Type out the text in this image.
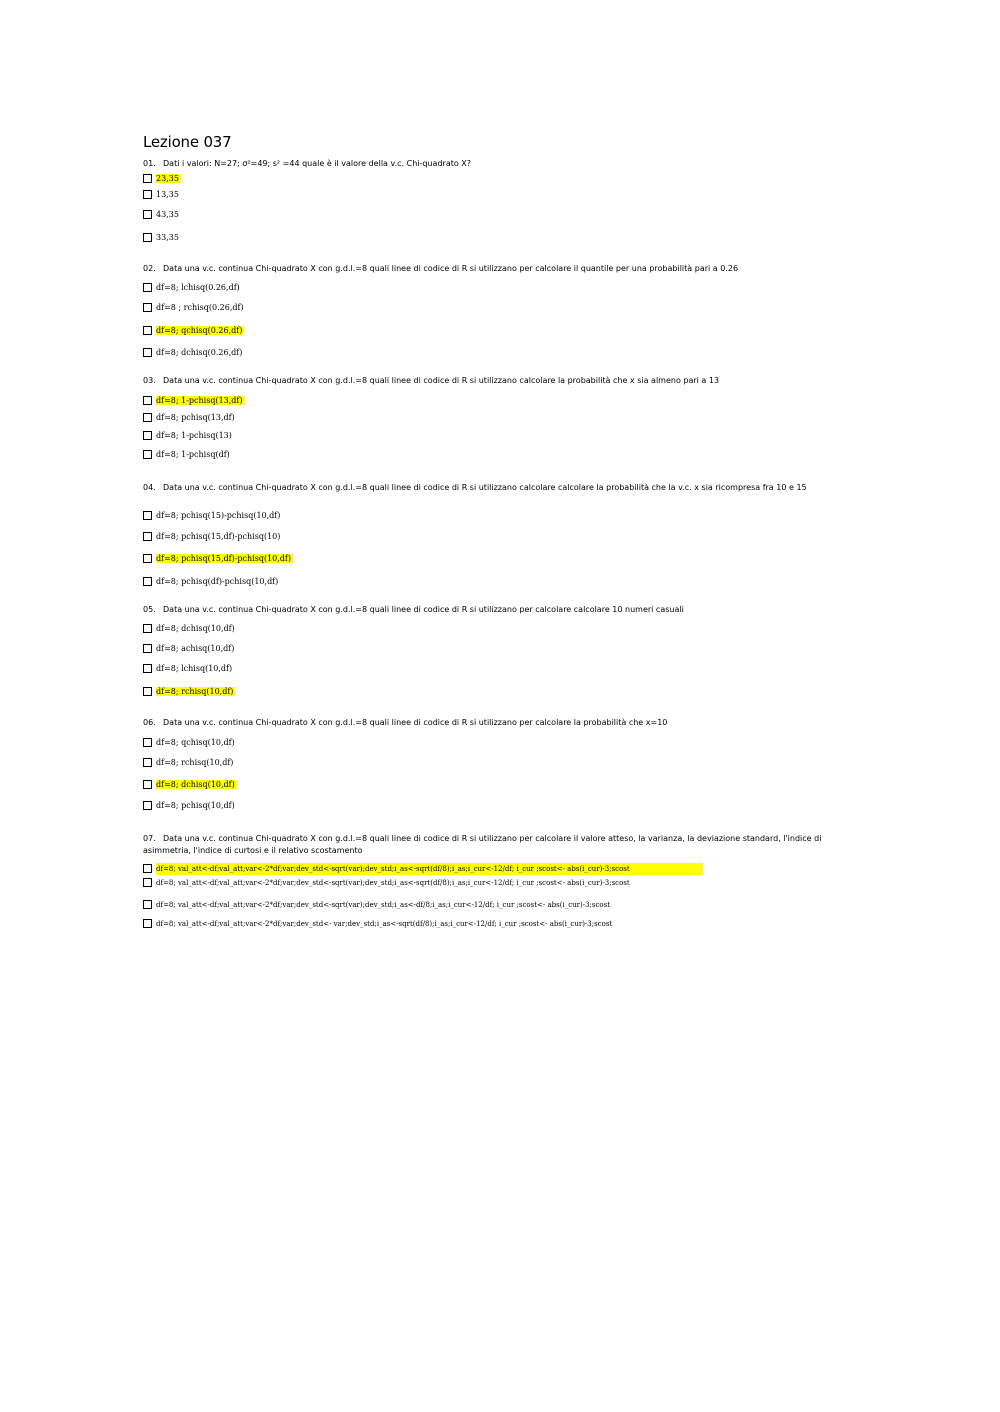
Lezione 037
01. Dati i valori: N=27; σ²=49; s² =44 quale è il valore della v.c. Chi-quadrato X?
23,35
13,35
43,35
33,35
02. Data una v.c. continua Chi-quadrato X con g.d.l.=8 quali linee di codice di R si utilizzano per calcolare il quantile per una probabilità pari a 0.26
df=8; lchisq(0.26,df)
df=8 ; rchisq(0.26,df)
df=8; qchisq(0.26,df)
df=8; dchisq(0.26,df)
03. Data una v.c. continua Chi-quadrato X con g.d.l.=8 quali linee di codice di R si utilizzano calcolare la probabilità che x sia almeno pari a 13
df=8; 1-pchisq(13,df)
df=8; pchisq(13,df)
df=8; 1-pchisq(13)
df=8; 1-pchisq(df)
04. Data una v.c. continua Chi-quadrato X con g.d.l.=8 quali linee di codice di R si utilizzano calcolare calcolare la probabilità che la v.c. x sia ricompresa fra 10 e 15
df=8; pchisq(15)-pchisq(10,df)
df=8; pchisq(15,df)-pchisq(10)
df=8; pchisq(15,df)-pchisq(10,df)
df=8; pchisq(df)-pchisq(10,df)
05. Data una v.c. continua Chi-quadrato X con g.d.l.=8 quali linee di codice di R si utilizzano per calcolare calcolare 10 numeri casuali
df=8; dchisq(10,df)
df=8; achisq(10,df)
df=8; lchisq(10,df)
df=8; rchisq(10,df)
06. Data una v.c. continua Chi-quadrato X con g.d.l.=8 quali linee di codice di R si utilizzano per calcolare la probabilità che x=10
df=8; qchisq(10,df)
df=8; rchisq(10,df)
df=8; dchisq(10,df)
df=8; pchisq(10,df)
07. Data una v.c. continua Chi-quadrato X con g.d.l.=8 quali linee di codice di R si utilizzano per calcolare il valore atteso, la varianza, la deviazione standard, l'indice di asimmetria, l'indice di curtosi e il relativo scostamento
df=8; val_att<-df;val_att;var<-2*df;var;dev_std<-sqrt(var);dev_std;i_as<-sqrt(df/8);i_as;i_cur<-12/df; i_cur ;scost<- abs(i_cur)-3;scost
df=8; val_att<-df;val_att;var<-2*df;var;dev_std<-sqrt(var);dev_std;i_as<-sqrt(df/8);i_as;i_cur<-12/df; i_cur ;scost<- abs(i_cur)-3;scost
df=8; val_att<-df;val_att;var<-2*df;var;dev_std<-sqrt(var);dev_std;i_as<-df/8;i_as;i_cur<-12/df; i_cur ;scost<- abs(i_cur)-3;scost
df=8; val_att<-df;val_att;var<-2*df;var;dev_std<- var;dev_std;i_as<-sqrt(df/8);i_as;i_cur<-12/df; i_cur ;scost<- abs(i_cur)-3;scost
